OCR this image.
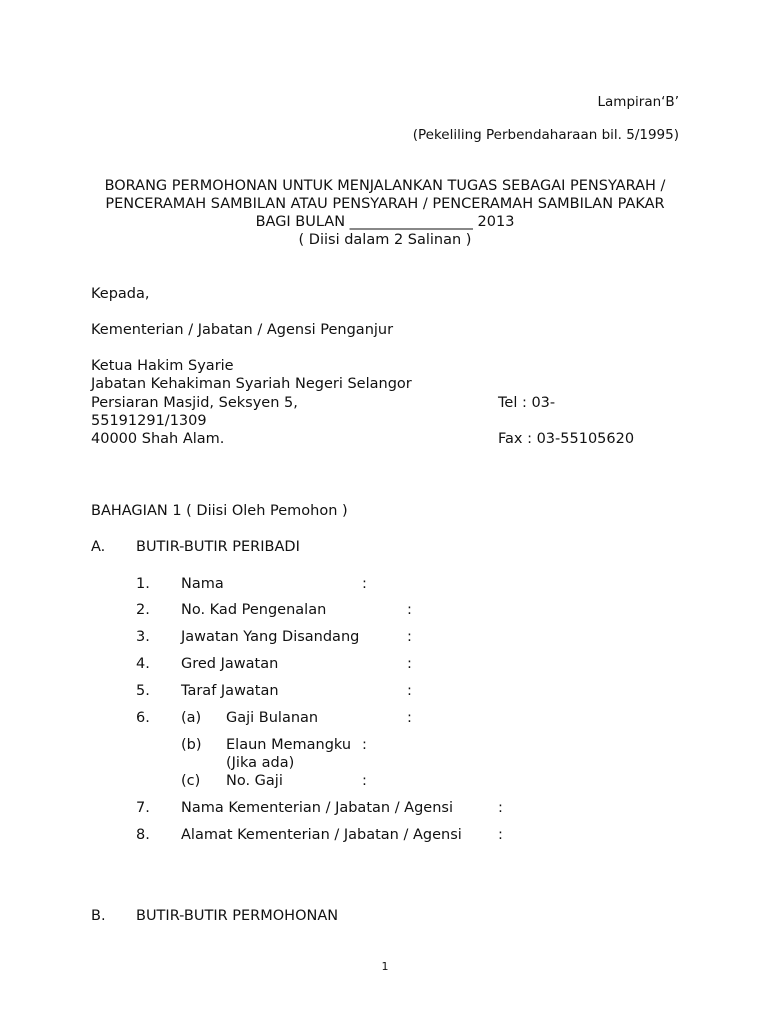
Lampiran‘B’
(Pekeliling Perbendaharaan bil. 5/1995)
BORANG PERMOHONAN UNTUK MENJALANKAN TUGAS SEBAGAI PENSYARAH /
PENCERAMAH SAMBILAN ATAU PENSYARAH / PENCERAMAH SAMBILAN PAKAR
BAGI BULAN _________________ 2013
( Diisi dalam 2 Salinan )
Kepada,
Kementerian / Jabatan / Agensi Penganjur
Ketua Hakim Syarie
Jabatan Kehakiman Syariah Negeri Selangor
Persiaran Masjid, Seksyen 5,	Tel : 03-
55191291/1309
40000 Shah Alam.	Fax : 03-55105620
BAHAGIAN 1 ( Diisi Oleh Pemohon )
A. BUTIR-BUTIR PERIBADI
1. Nama	:
2. No. Kad Pengenalan	:
3. Jawatan Yang Disandang	:
4. Gred Jawatan	:
5. Taraf Jawatan	:
6. (a) Gaji Bulanan	:
(b) Elaun Memangku :
(Jika ada)
(c) No. Gaji	:
7. Nama Kementerian / Jabatan / Agensi	:
8. Alamat Kementerian / Jabatan / Agensi :
B. BUTIR-BUTIR PERMOHONAN
1
